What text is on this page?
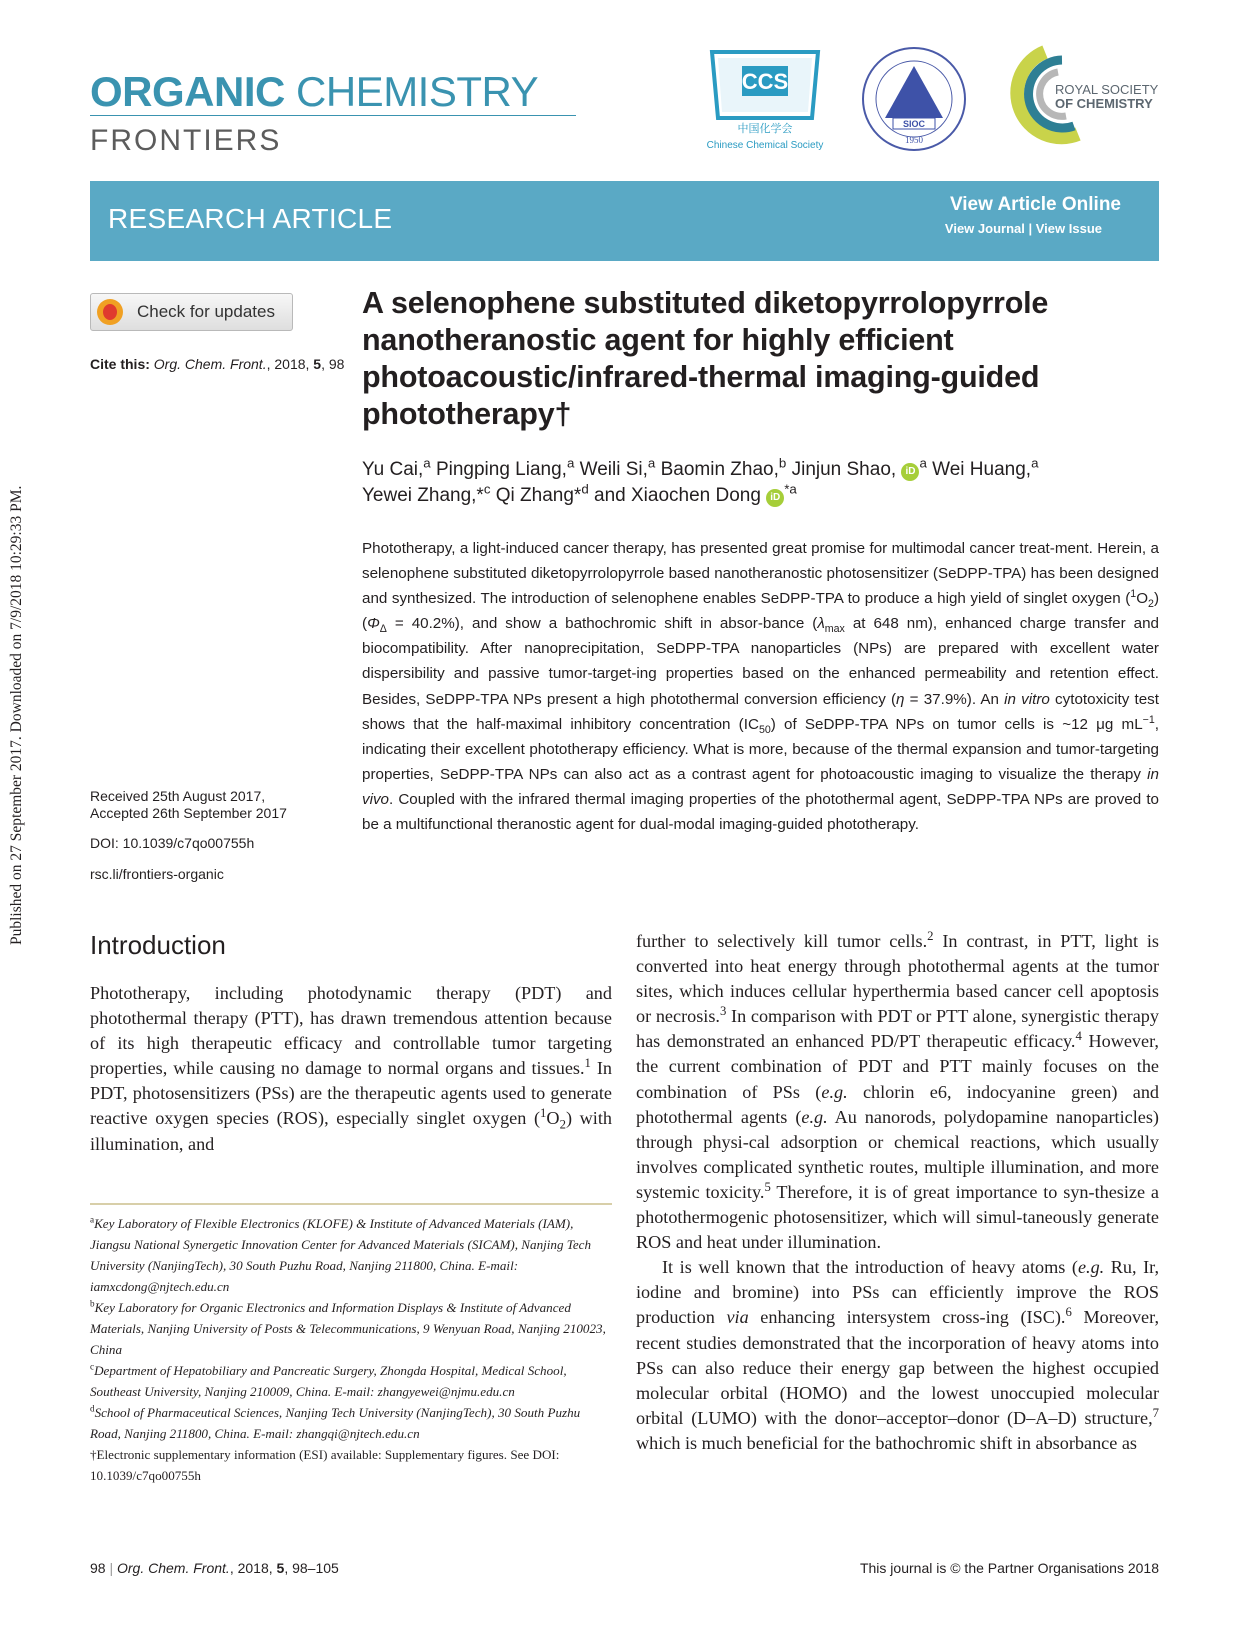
Published on 27 September 2017. Downloaded on 7/9/2018 10:29:33 PM.
ORGANIC CHEMISTRY
FRONTIERS
CCS
中国化学会
Chinese Chemical Society
SIOC
1950
ROYAL SOCIETY
OF CHEMISTRY
RESEARCH ARTICLE	View Article Online
View Journal | View Issue
Check for updates
Cite this: Org. Chem. Front., 2018, 5, 98
Received 25th August 2017,
Accepted 26th September 2017
DOI: 10.1039/c7qo00755h
rsc.li/frontiers-organic
A selenophene substituted diketopyrrolopyrrole nanotheranostic agent for highly efficient photoacoustic/infrared-thermal imaging-guided phototherapy†
Yu Cai,$^a$ Pingping Liang,$^a$ Weili Si,$^a$ Baomin Zhao,$^b$ Jinjun Shao, $iD^a$ Wei Huang,$^a$
Yewei Zhang,*$^c$ Qi Zhang*$^d$ and Xiaochen Dong $iD^{*a}$
Phototherapy, a light-induced cancer therapy, has presented great promise for multimodal cancer treat-ment. Herein, a selenophene substituted diketopyrrolopyrrole based nanotheranostic photosensitizer (SeDPP-TPA) has been designed and synthesized. The introduction of selenophene enables SeDPP-TPA to produce a high yield of singlet oxygen $(^1O_2) (\Phi_\Delta = 40.2\%)$, and show a bathochromic shift in absor-bance ($\lambda_{max}$ at 648 nm), enhanced charge transfer and biocompatibility. After nanoprecipitation, SeDPP-TPA nanoparticles (NPs) are prepared with excellent water dispersibility and passive tumor-target-ing properties based on the enhanced permeability and retention effect. Besides, SeDPP-TPA NPs present a high photothermal conversion efficiency (η = 37.9%). An in vitro cytotoxicity test shows that the half-maximal inhibitory concentration $(IC_{50})$ of SeDPP-TPA NPs on tumor cells is ~12 μg $mL^{-1}$, indicating their excellent phototherapy efficiency. What is more, because of the thermal expansion and tumor-targeting properties, SeDPP-TPA NPs can also act as a contrast agent for photoacoustic imaging to visualize the therapy in vivo. Coupled with the infrared thermal imaging properties of the photothermal agent, SeDPP-TPA NPs are proved to be a multifunctional theranostic agent for dual-modal imaging-guided phototherapy.
Introduction
Phototherapy, including photodynamic therapy (PDT) and photothermal therapy (PTT), has drawn tremendous attention because of its high therapeutic efficacy and controllable tumor targeting properties, while causing no damage to normal organs and tissues.$^1$ In PDT, photosensitizers (PSs) are the therapeutic agents used to generate reactive oxygen species (ROS), especially singlet oxygen $(^1O_2)$ with illumination, and
$^a$Key Laboratory of Flexible Electronics (KLOFE) & Institute of Advanced Materials (IAM), Jiangsu National Synergetic Innovation Center for Advanced Materials (SICAM), Nanjing Tech University (NanjingTech), 30 South Puzhu Road, Nanjing 211800, China. E-mail: iamxcdong@njtech.edu.cn
$^b$Key Laboratory for Organic Electronics and Information Displays & Institute of Advanced Materials, Nanjing University of Posts & Telecommunications, 9 Wenyuan Road, Nanjing 210023, China
$^c$Department of Hepatobiliary and Pancreatic Surgery, Zhongda Hospital, Medical School, Southeast University, Nanjing 210009, China. E-mail: zhangyewei@njmu.edu.cn
$^d$School of Pharmaceutical Sciences, Nanjing Tech University (NanjingTech), 30 South Puzhu Road, Nanjing 211800, China. E-mail: zhangqi@njtech.edu.cn
†Electronic supplementary information (ESI) available: Supplementary figures. See DOI: 10.1039/c7qo00755h

further to selectively kill tumor cells.$^2$ In contrast, in PTT, light is converted into heat energy through photothermal agents at the tumor sites, which induces cellular hyperthermia based cancer cell apoptosis or necrosis.$^3$ In comparison with PDT or PTT alone, synergistic therapy has demonstrated an enhanced PD/PT therapeutic efficacy.$^4$ However, the current combination of PDT and PTT mainly focuses on the combination of PSs (e.g. chlorin e6, indocyanine green) and photothermal agents (e.g. Au nanorods, polydopamine nanoparticles) through physi-cal adsorption or chemical reactions, which usually involves complicated synthetic routes, multiple illumination, and more systemic toxicity.$^5$ Therefore, it is of great importance to syn-thesize a photothermogenic photosensitizer, which will simul-taneously generate ROS and heat under illumination.

It is well known that the introduction of heavy atoms (e.g. Ru, Ir, iodine and bromine) into PSs can efficiently improve the ROS production via enhancing intersystem cross-ing (ISC).$^6$ Moreover, recent studies demonstrated that the incorporation of heavy atoms into PSs can also reduce their energy gap between the highest occupied molecular orbital (HOMO) and the lowest unoccupied molecular orbital (LUMO) with the donor–acceptor–donor (D–A–D) structure,$^7$ which is much beneficial for the bathochromic shift in absorbance as

98 | Org. Chem. Front., 2018, 5, 98–105	This journal is © the Partner Organisations 2018
